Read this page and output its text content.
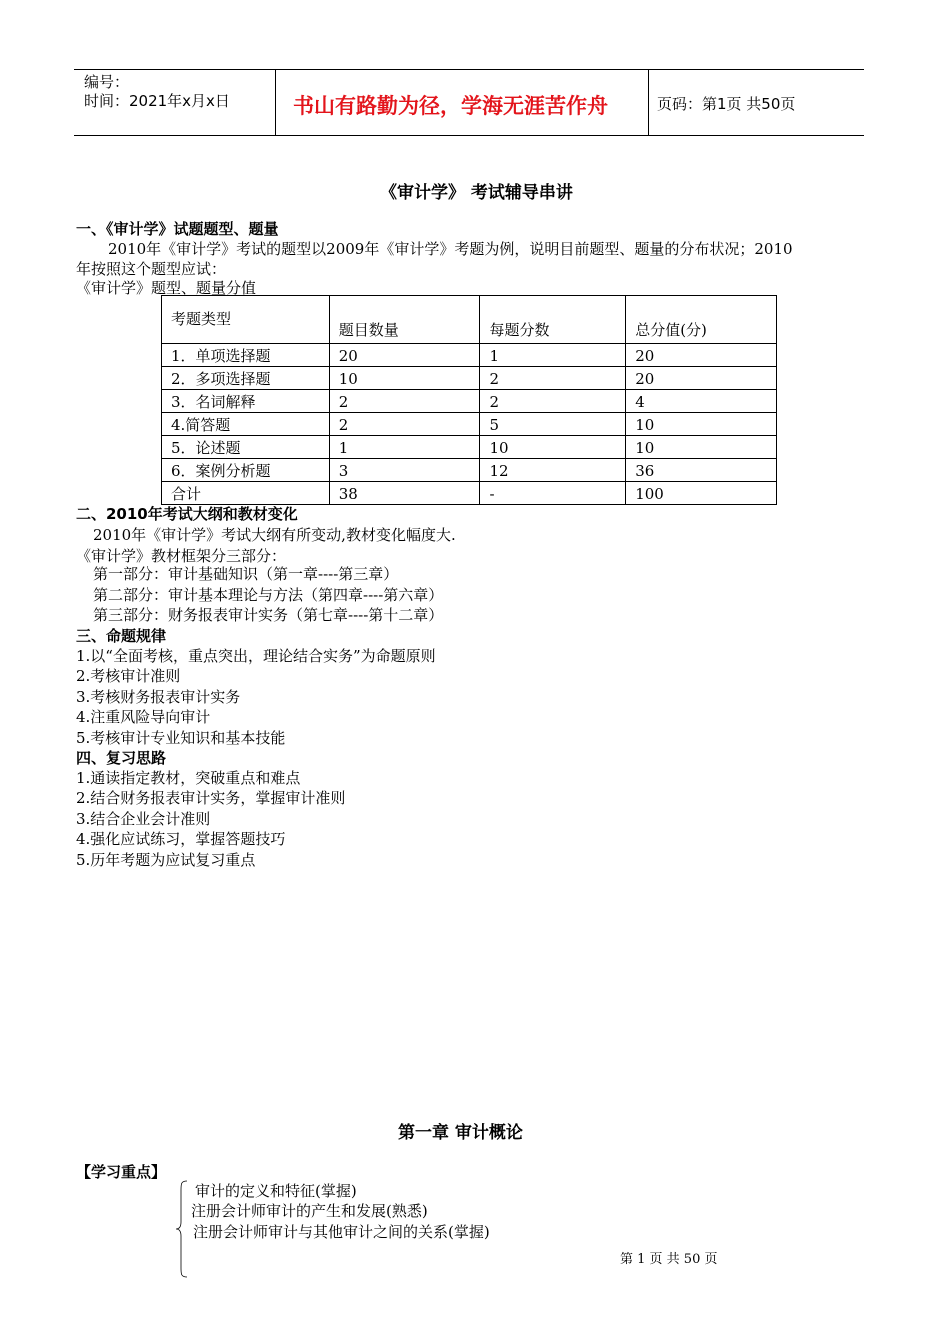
编号：
时间：2021年x月x日	书山有路勤为径，学海无涯苦作舟	页码：第1页 共50页
《审计学》 考试辅导串讲
一、《审计学》试题题型、题量
2010年《审计学》考试的题型以2009年《审计学》考题为例，说明目前题型、题量的分布状况；2010
年按照这个题型应试：
《审计学》题型、题量分值
考题类型	题目数量	每题分数	总分值(分)
1．单项选择题	20	1	20
2．多项选择题	10	2	20
3．名词解释	2	2	4
4.简答题	2	5	10
5．论述题	1	10	10
6．案例分析题	3	12	36
合计	38	-	100
二、2010年考试大纲和教材变化
2010年《审计学》考试大纲有所变动,教材变化幅度大.
《审计学》教材框架分三部分：
第一部分：审计基础知识（第一章----第三章）
第二部分：审计基本理论与方法（第四章----第六章）
第三部分：财务报表审计实务（第七章----第十二章）
三、命题规律
1.以“全面考核，重点突出，理论结合实务”为命题原则
2.考核审计准则
3.考核财务报表审计实务
4.注重风险导向审计
5.考核审计专业知识和基本技能
四、复习思路
1.通读指定教材，突破重点和难点
2.结合财务报表审计实务，掌握审计准则
3.结合企业会计准则
4.强化应试练习，掌握答题技巧
5.历年考题为应试复习重点
第一章 审计概论
【学习重点】
审计的定义和特征(掌握)
注册会计师审计的产生和发展(熟悉)
注册会计师审计与其他审计之间的关系(掌握)
第 1 页 共 50 页
